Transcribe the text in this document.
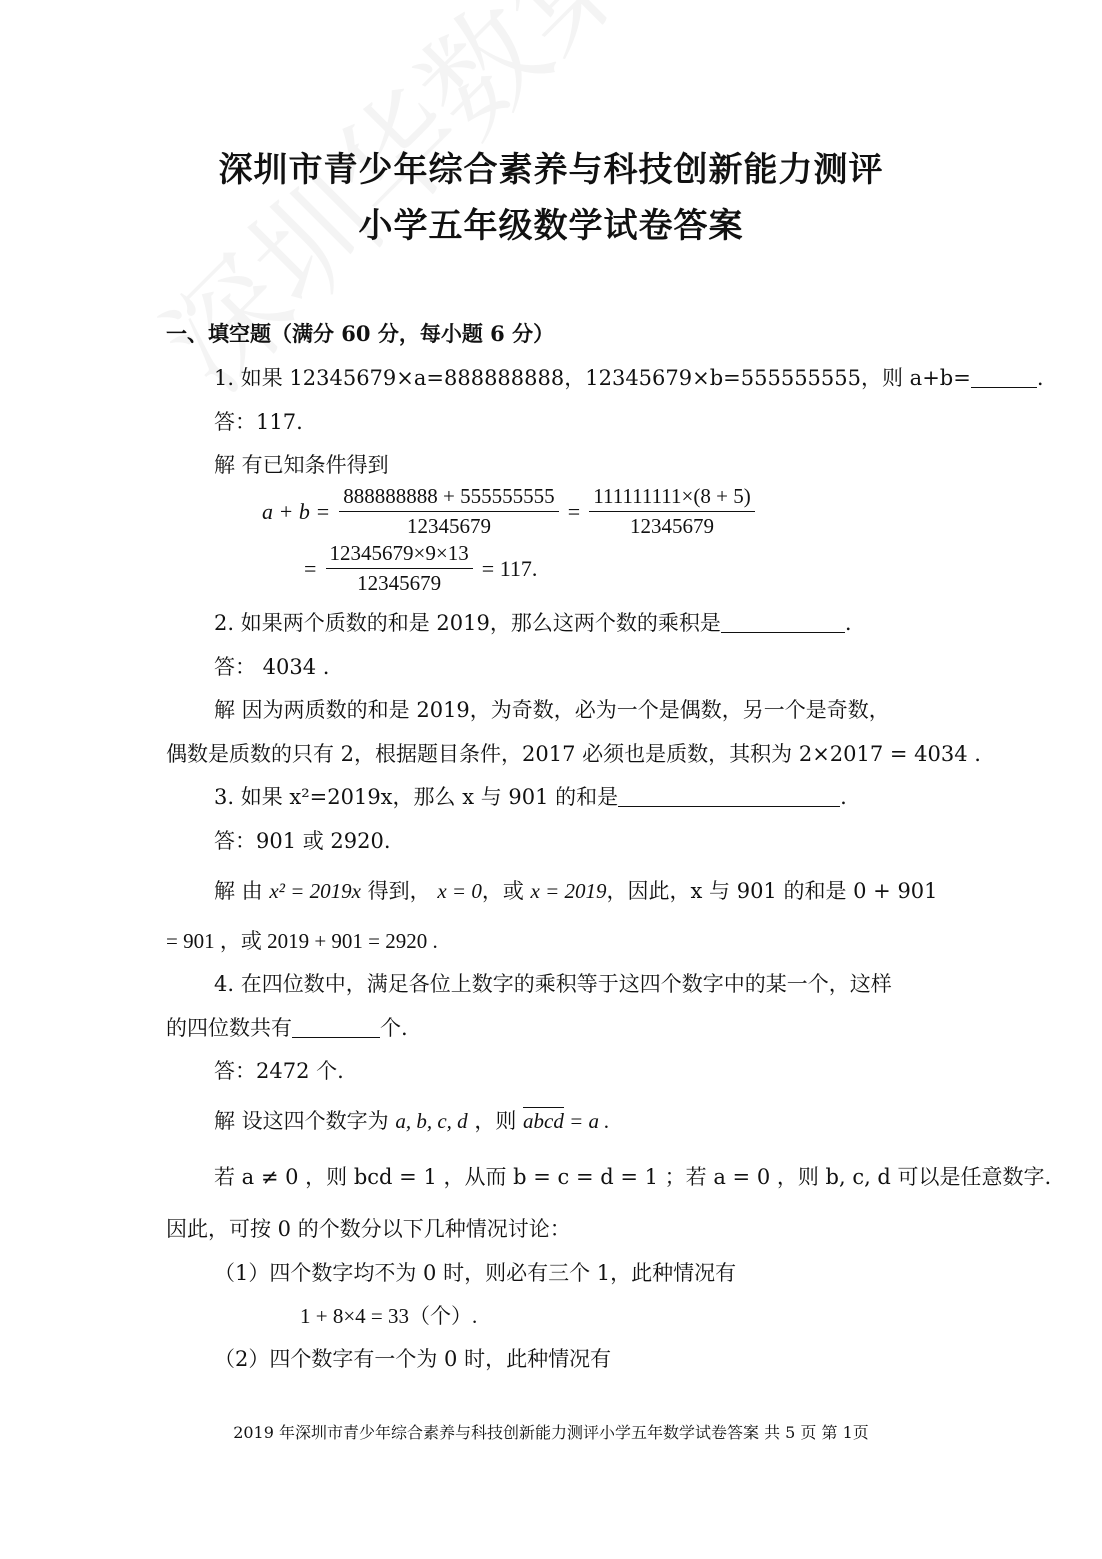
深圳市青少年综合素养与科技创新能力测评
小学五年级数学试卷答案
一、填空题（满分 60 分，每小题 6 分）
1. 如果 12345679×a=888888888，12345679×b=555555555，则 a+b=	.
答：117.
解 有已知条件得到
$a + b = \frac{888888888 + 555555555}{12345679} = \frac{111111111\times(8 + 5)}{12345679}$
= $\frac{12345679\times 9\times 13}{12345679} = 117$.
2. 如果两个质数的和是 2019，那么这两个数的乘积是	.
答： 4034 .
解 因为两质数的和是 2019，为奇数，必为一个是偶数，另一个是奇数，
偶数是质数的只有 2，根据题目条件，2017 必须也是质数，其积为 2×2017 = 4034 .
3. 如果 x²=2019x，那么 x 与 901 的和是	.
答：901 或 2920.
解 由 x² = 2019x 得到， x = 0，或 x = 2019，因此，x 与 901 的和是 0 + 901
= 901 ，或 2019 + 901 = 2920 .
4. 在四位数中，满足各位上数字的乘积等于这四个数字中的某一个，这样
的四位数共有	个.
答：2472 个.
解 设这四个数字为 a, b, c, d ，则 abcd = a .
若 a ≠ 0 ，则 bcd = 1 ，从而 b = c = d = 1 ；若 a = 0 ，则 b, c, d 可以是任意数字.
因此，可按 0 的个数分以下几种情况讨论：
（1）四个数字均不为 0 时，则必有三个 1，此种情况有
1 + 8×4 = 33（个）.
（2）四个数字有一个为 0 时，此种情况有
2019 年深圳市青少年综合素养与科技创新能力测评小学五年数学试卷答案 共 5 页 第 1页
